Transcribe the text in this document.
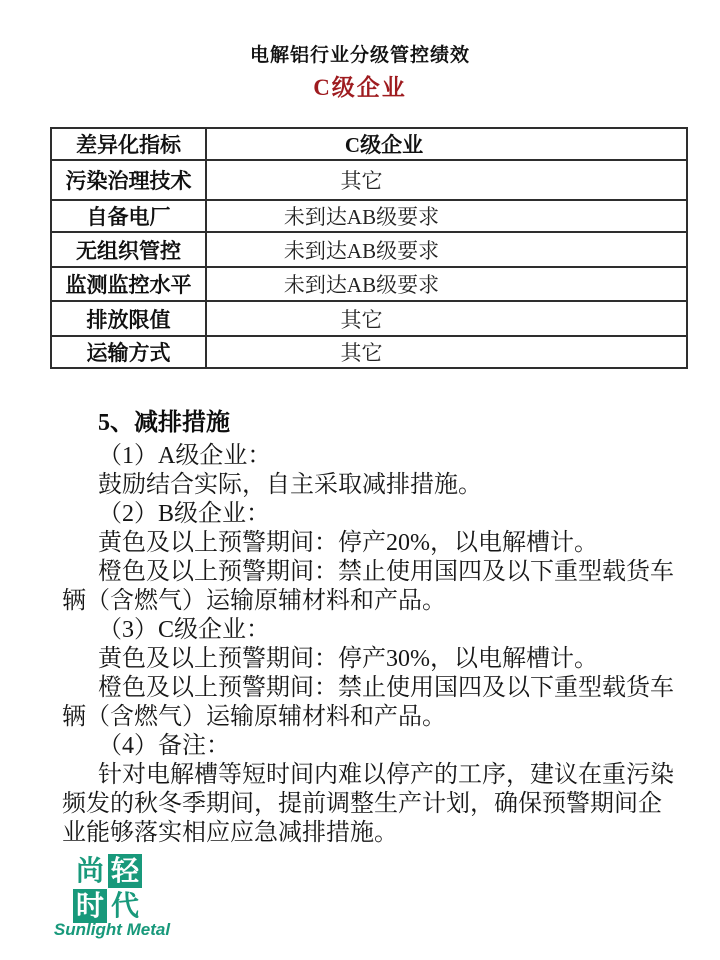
电解铝行业分级管控绩效
C级企业
差异化指标	C级企业
污染治理技术	其它
自备电厂	未到达AB级要求
无组织管控	未到达AB级要求
监测监控水平	未到达AB级要求
排放限值	其它
运输方式	其它

5、减排措施

（1）A级企业：

鼓励结合实际，自主采取减排措施。

（2）B级企业：

黄色及以上预警期间：停产20%，以电解槽计。

橙色及以上预警期间：禁止使用国四及以下重型载货车辆（含燃气）运输原辅材料和产品。

（3）C级企业：

黄色及以上预警期间：停产30%，以电解槽计。

橙色及以上预警期间：禁止使用国四及以下重型载货车辆（含燃气）运输原辅材料和产品。

（4）备注：

针对电解槽等短时间内难以停产的工序，建议在重污染频发的秋冬季期间，提前调整生产计划，确保预警期间企业能够落实相应应急减排措施。

尚 轻
时 代
Sunlight Metal
